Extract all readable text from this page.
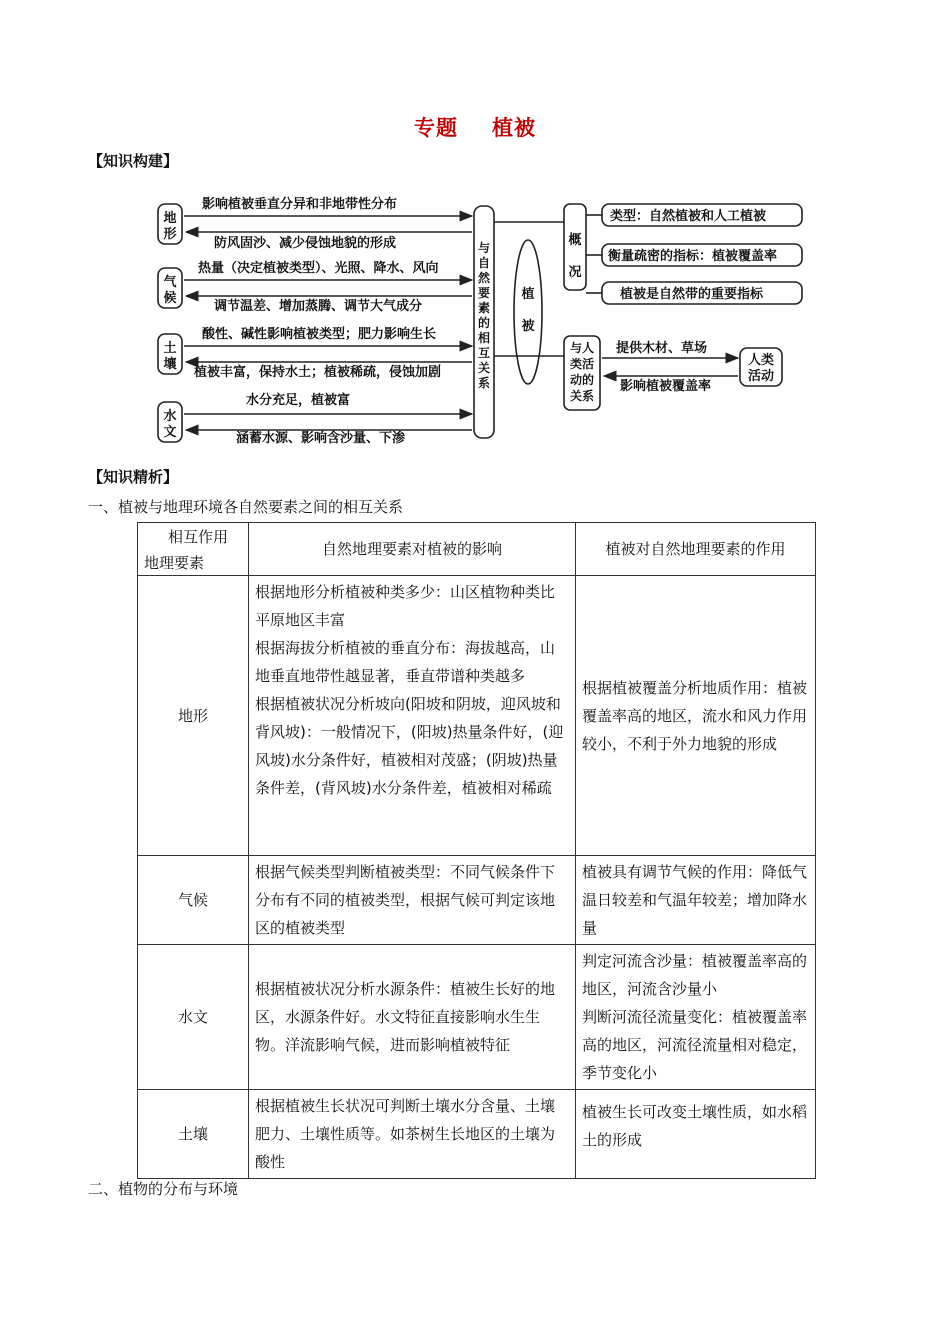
专题 植被
【知识构建】
地
形
气
候
土
壤
水
文
影响植被垂直分异和非地带性分布
防风固沙、减少侵蚀地貌的形成
热量（决定植被类型）、光照、降水、风向
调节温差、增加蒸腾、调节大气成分
酸性、碱性影响植被类型；肥力影响生长
植被丰富，保持水土；植被稀疏，侵蚀加剧
水分充足，植被富
涵蓄水源、影响含沙量、下渗
与
自
然
要
素
的
相
互
关
系
植
被
概
况
类型：自然植被和人工植被
衡量疏密的指标：植被覆盖率
植被是自然带的重要指标
与人
类活
动的
关系
提供木材、草场
影响植被覆盖率
人类
活动
【知识精析】
一、植被与地理环境各自然要素之间的相互关系
相互作用
地理要素	自然地理要素对植被的影响	植被对自然地理要素的作用
地形	根据地形分析植被种类多少：山区植物种类比平原地区丰富
根据海拔分析植被的垂直分布：海拔越高，山地垂直地带性越显著，垂直带谱种类越多
根据植被状况分析坡向(阳坡和阴坡，迎风坡和背风坡)：一般情况下，(阳坡)热量条件好，(迎风坡)水分条件好，植被相对茂盛；(阴坡)热量条件差，(背风坡)水分条件差，植被相对稀疏	根据植被覆盖分析地质作用：植被覆盖率高的地区，流水和风力作用较小，不利于外力地貌的形成

气候	根据气候类型判断植被类型：不同气候条件下分布有不同的植被类型，根据气候可判定该地区的植被类型	植被具有调节气候的作用：降低气温日较差和气温年较差；增加降水量

水文	根据植被状况分析水源条件：植被生长好的地区，水源条件好。水文特征直接影响水生生物。洋流影响气候，进而影响植被特征	判定河流含沙量：植被覆盖率高的地区，河流含沙量小
判断河流径流量变化：植被覆盖率高的地区，河流径流量相对稳定，季节变化小

土壤	根据植被生长状况可判断土壤水分含量、土壤肥力、土壤性质等。如茶树生长地区的土壤为酸性	植被生长可改变土壤性质，如水稻土的形成
二、植物的分布与环境
